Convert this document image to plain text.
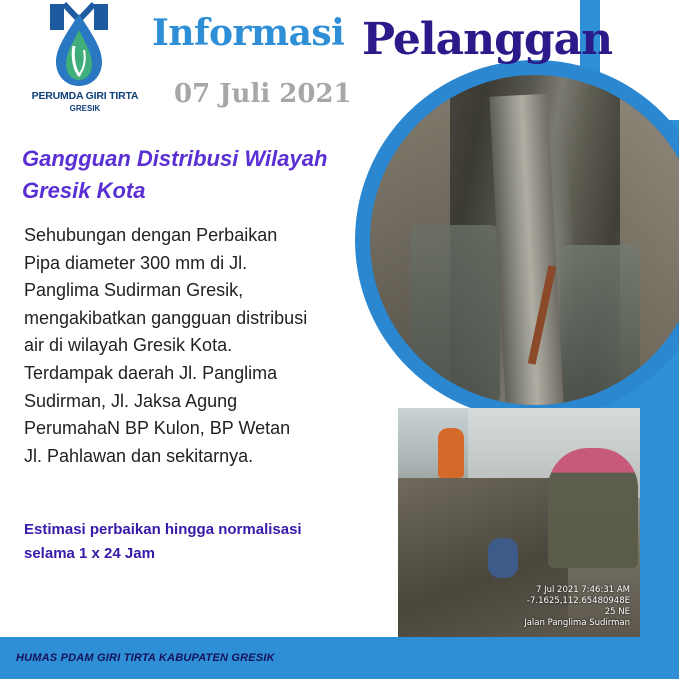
7 Jul 2021 7:46:31 AM
-7.1625,112.65480948E
25 NE
Jalan Panglima Sudirman
PERUMDA GIRI TIRTA
GRESIK
Informasi Pelanggan
07 Juli 2021
Gangguan Distribusi Wilayah
Gresik Kota
Sehubungan dengan Perbaikan
Pipa diameter 300 mm di Jl.
Panglima Sudirman Gresik,
mengakibatkan gangguan distribusi
air di wilayah Gresik Kota.
Terdampak daerah Jl. Panglima
Sudirman, Jl. Jaksa Agung
PerumahaN BP Kulon, BP Wetan
Jl. Pahlawan dan sekitarnya.
Estimasi perbaikan hingga normalisasi
selama 1 x 24 Jam
HUMAS PDAM GIRI TIRTA KABUPATEN GRESIK
